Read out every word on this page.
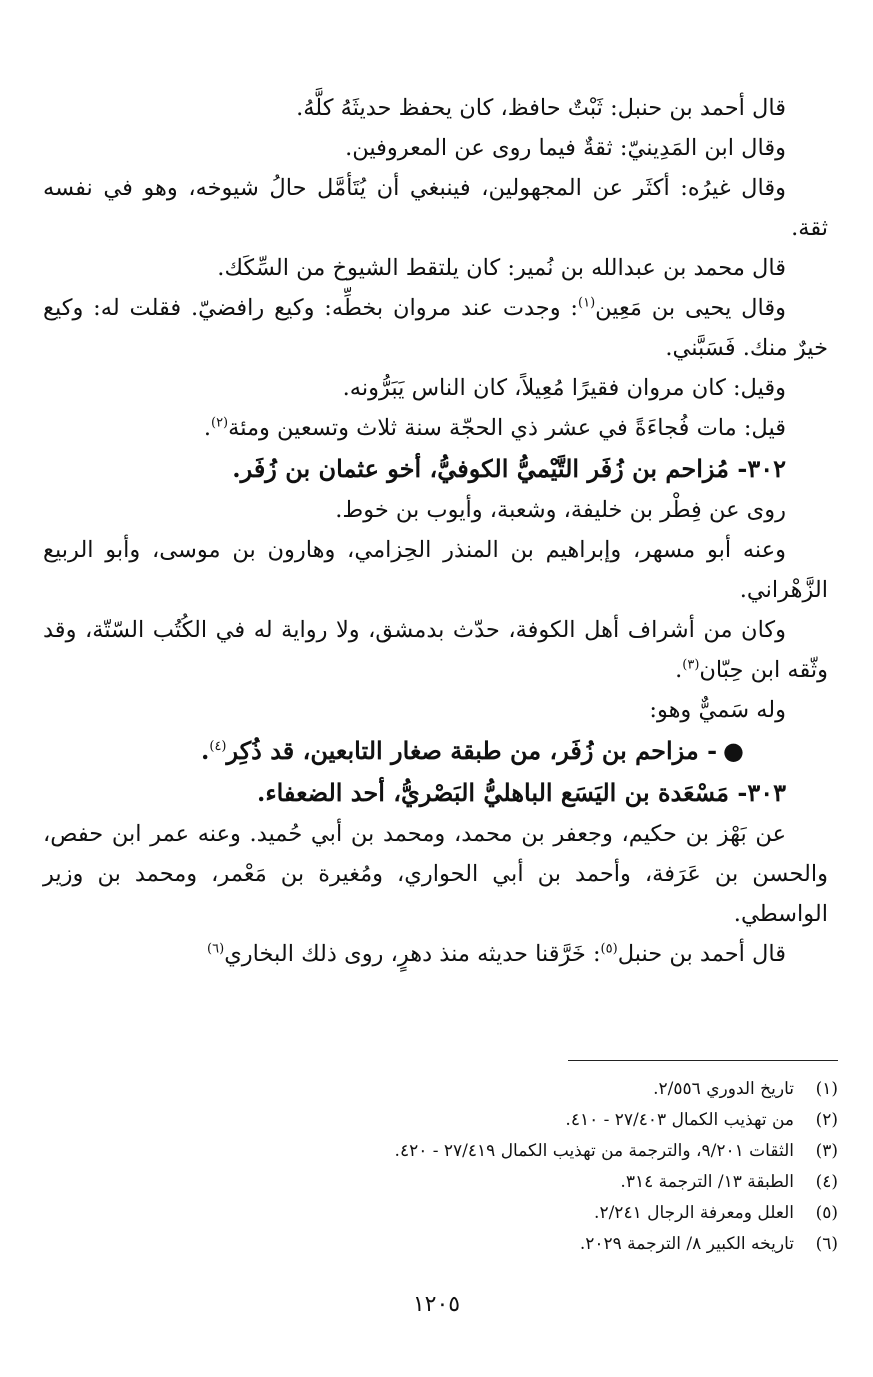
قال أحمد بن حنبل: ثَبْتٌ حافظ، كان يحفظ حديثَهُ كلَّهُ.

وقال ابن المَدِينيّ: ثقةٌ فيما روى عن المعروفين.

وقال غيرُه: أكثَر عن المجهولين، فينبغي أن يُتَأمَّل حالُ شيوخه، وهو في نفسه ثقة.

قال محمد بن عبدالله بن نُمير: كان يلتقط الشيوخ من السِّكَك.

وقال يحيى بن مَعِين$^{(١)}$: وجدت عند مروان بخطِّه: وكيع رافضيّ. فقلت له: وكيع خيرٌ منك. فَسَبَّني.

وقيل: كان مروان فقيرًا مُعِيلاً، كان الناس يَبَرُّونه.

قيل: مات فُجاءَةً في عشر ذي الحجّة سنة ثلاث وتسعين ومئة$^{(٢)}$.

٣٠٢- مُزاحم بن زُفَر التَّيْميُّ الكوفيُّ، أخو عثمان بن زُفَر.

روى عن فِطْر بن خليفة، وشعبة، وأيوب بن خوط.

وعنه أبو مسهر، وإبراهيم بن المنذر الحِزامي، وهارون بن موسى، وأبو الربيع الزَّهْراني.

وكان من أشراف أهل الكوفة، حدّث بدمشق، ولا رواية له في الكُتُب السّتّة، وقد وثّقه ابن حِبّان$^{(٣)}$.

وله سَميٌّ وهو:

●- مزاحم بن زُفَر، من طبقة صغار التابعين، قد ذُكِر$^{(٤)}$.

٣٠٣- مَسْعَدة بن اليَسَع الباهليُّ البَصْريُّ، أحد الضعفاء.

عن بَهْز بن حكيم، وجعفر بن محمد، ومحمد بن أبي حُميد. وعنه عمر ابن حفص، والحسن بن عَرَفة، وأحمد بن أبي الحواري، ومُغيرة بن مَعْمر، ومحمد بن وزير الواسطي.

قال أحمد بن حنبل$^{(٥)}$: خَرَّقنا حديثه منذ دهرٍ، روى ذلك البخاري$^{(٦)}$

(١)تاريخ الدوري ٢/٥٥٦.
(٢)من تهذيب الكمال ٢٧/٤٠٣ - ٤١٠.
(٣)الثقات ٩/٢٠١، والترجمة من تهذيب الكمال ٢٧/٤١٩ - ٤٢٠.
(٤)الطبقة ١٣/ الترجمة ٣١٤.
(٥)العلل ومعرفة الرجال ٢/٢٤١.
(٦)تاريخه الكبير ٨/ الترجمة ٢٠٢٩.
١٢٠٥
